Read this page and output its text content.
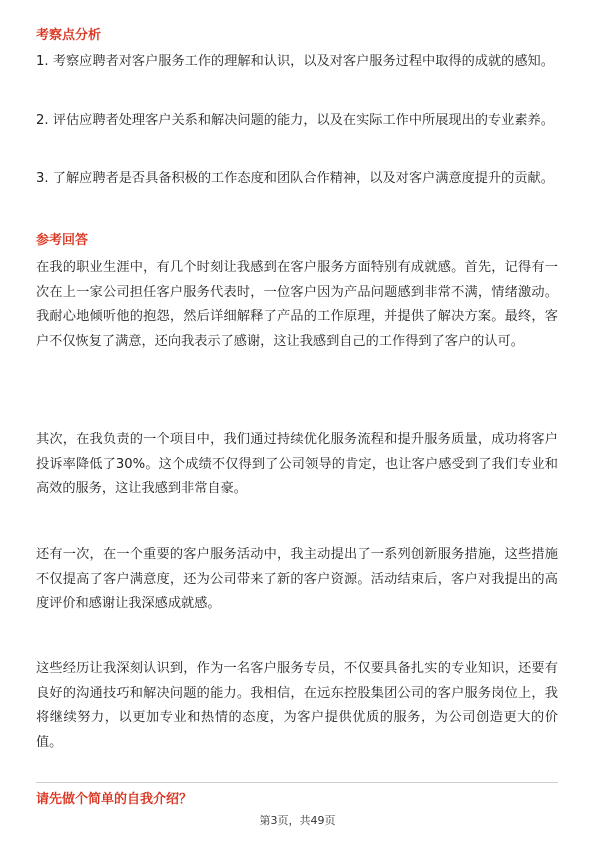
考察点分析

1. 考察应聘者对客户服务工作的理解和认识，以及对客户服务过程中取得的成就的感知。

2. 评估应聘者处理客户关系和解决问题的能力，以及在实际工作中所展现出的专业素养。

3. 了解应聘者是否具备积极的工作态度和团队合作精神，以及对客户满意度提升的贡献。

参考回答

在我的职业生涯中，有几个时刻让我感到在客户服务方面特别有成就感。首先，记得有一次在上一家公司担任客户服务代表时，一位客户因为产品问题感到非常不满，情绪激动。我耐心地倾听他的抱怨，然后详细解释了产品的工作原理，并提供了解决方案。最终，客户不仅恢复了满意，还向我表示了感谢，这让我感到自己的工作得到了客户的认可。

其次，在我负责的一个项目中，我们通过持续优化服务流程和提升服务质量，成功将客户投诉率降低了30%。这个成绩不仅得到了公司领导的肯定，也让客户感受到了我们专业和高效的服务，这让我感到非常自豪。

还有一次，在一个重要的客户服务活动中，我主动提出了一系列创新服务措施，这些措施不仅提高了客户满意度，还为公司带来了新的客户资源。活动结束后，客户对我提出的高度评价和感谢让我深感成就感。

这些经历让我深刻认识到，作为一名客户服务专员，不仅要具备扎实的专业知识，还要有良好的沟通技巧和解决问题的能力。我相信，在远东控股集团公司的客户服务岗位上，我将继续努力，以更加专业和热情的态度，为客户提供优质的服务，为公司创造更大的价值。

请先做个简单的自我介绍？
第3页，共49页
